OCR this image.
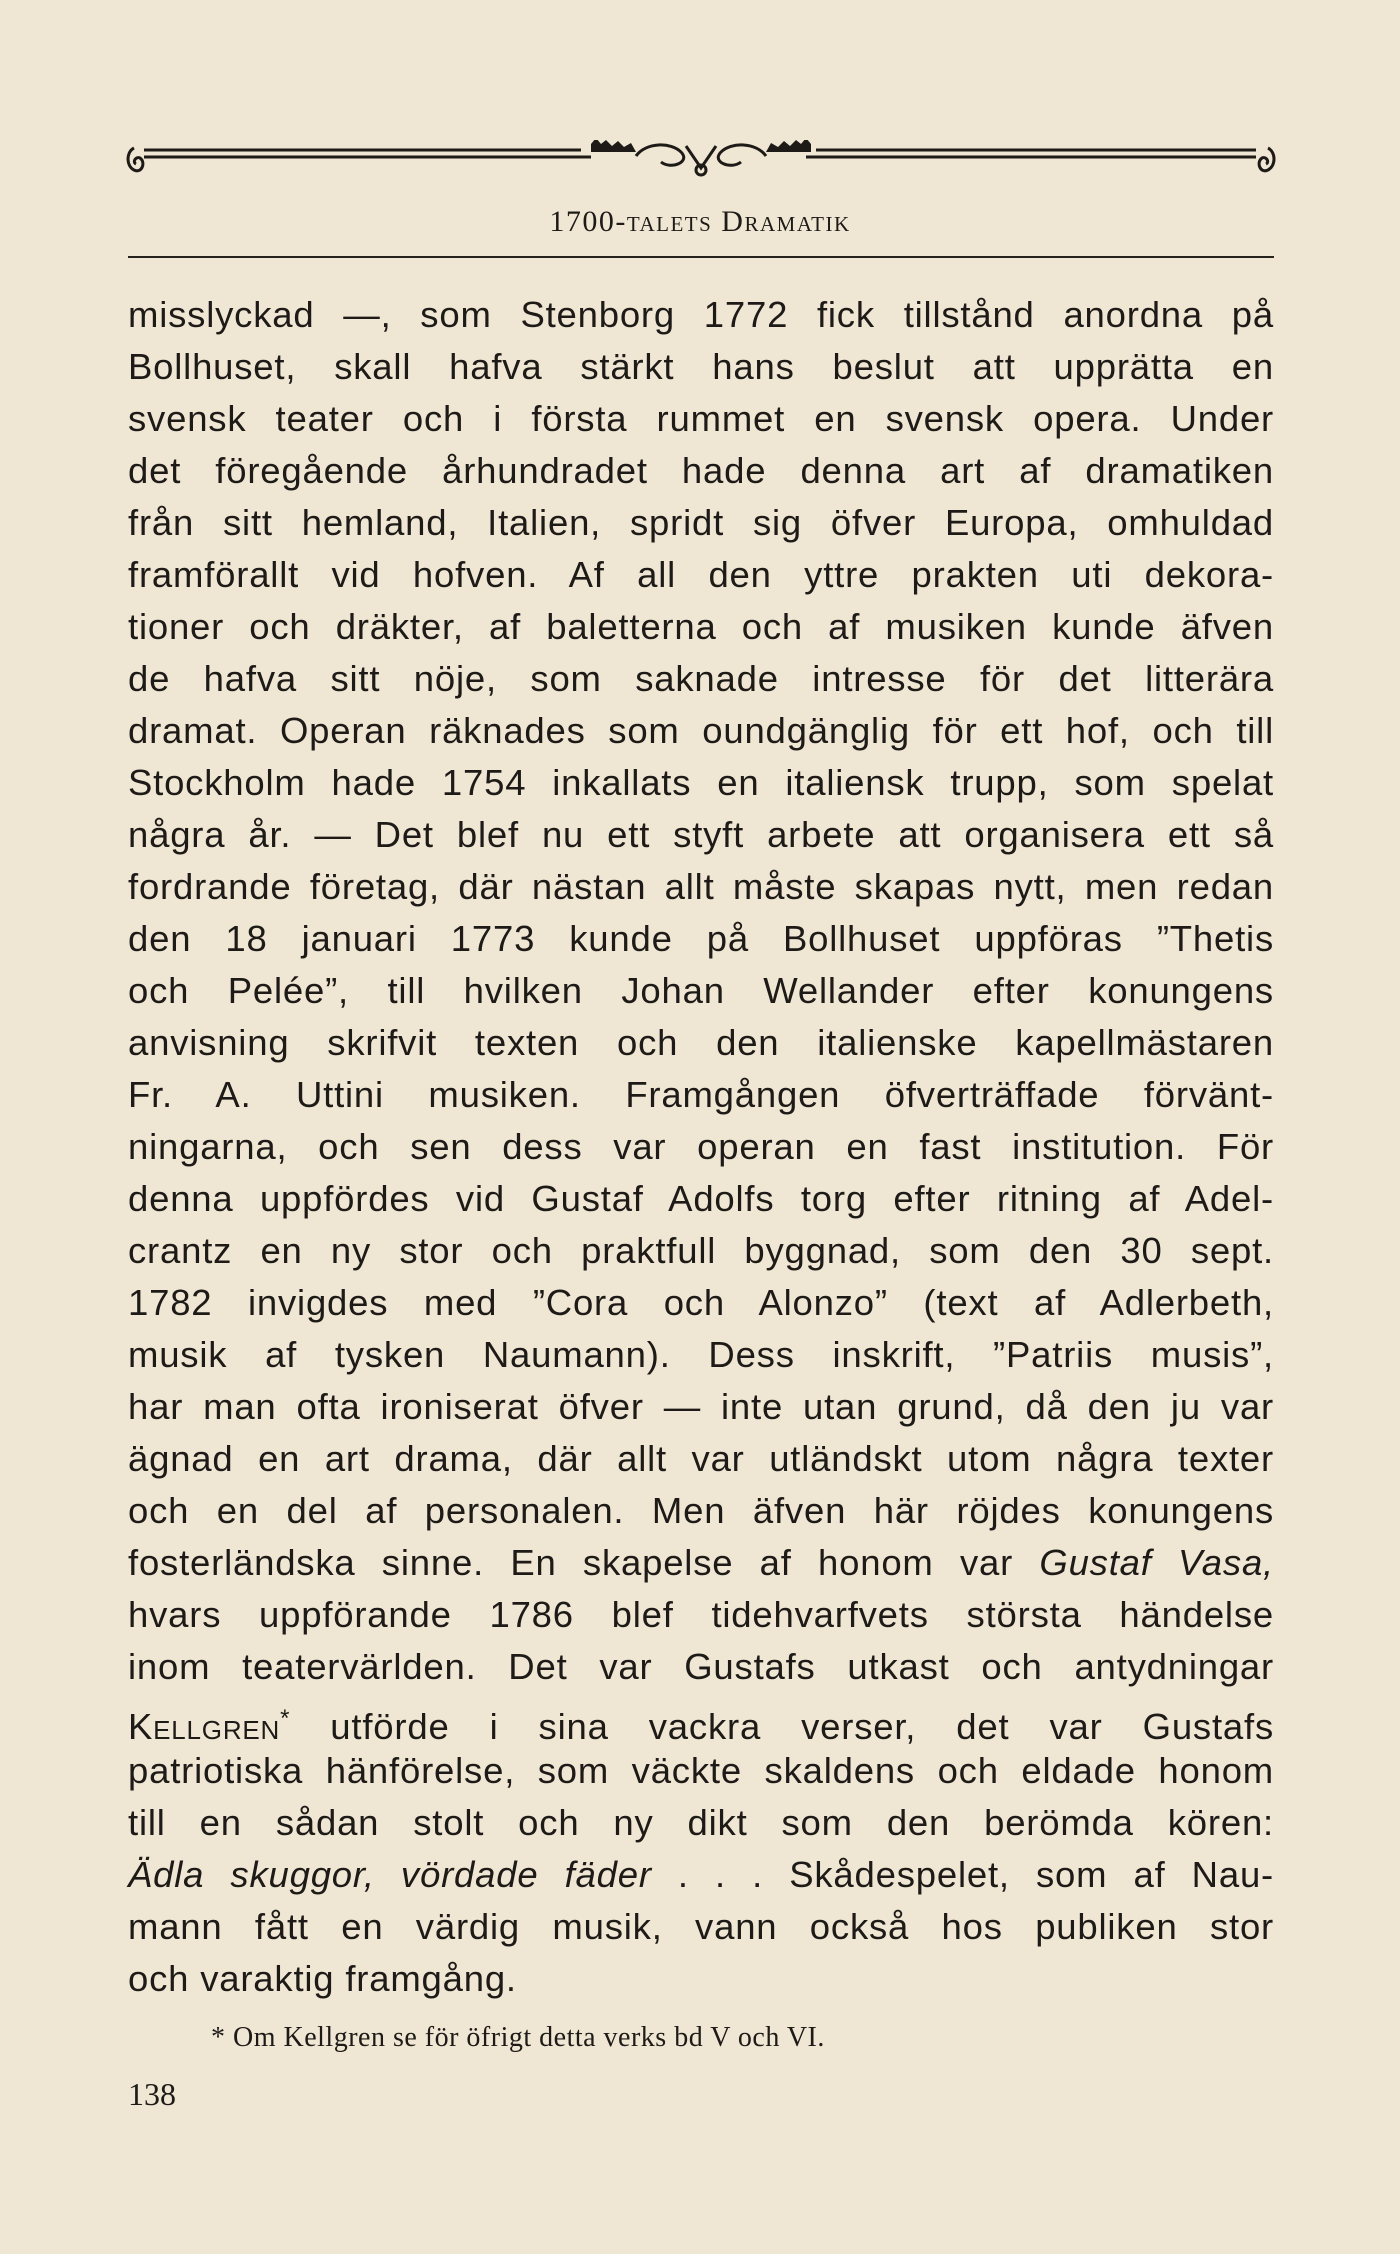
1700-talets Dramatik
misslyckad —, som Stenborg 1772 fick tillstånd anordna på
Bollhuset, skall hafva stärkt hans beslut att upprätta en
svensk teater och i första rummet en svensk opera. Under
det föregående århundradet hade denna art af dramatiken
från sitt hemland, Italien, spridt sig öfver Europa, omhuldad
framförallt vid hofven. Af all den yttre prakten uti dekora-
tioner och dräkter, af baletterna och af musiken kunde äfven
de hafva sitt nöje, som saknade intresse för det litterära
dramat. Operan räknades som oundgänglig för ett hof, och till
Stockholm hade 1754 inkallats en italiensk trupp, som spelat
några år. — Det blef nu ett styft arbete att organisera ett så
fordrande företag, där nästan allt måste skapas nytt, men redan
den 18 januari 1773 kunde på Bollhuset uppföras ”Thetis
och Pelée”, till hvilken Johan Wellander efter konungens
anvisning skrifvit texten och den italienske kapellmästaren
Fr. A. Uttini musiken. Framgången öfverträffade förvänt-
ningarna, och sen dess var operan en fast institution. För
denna uppfördes vid Gustaf Adolfs torg efter ritning af Adel-
crantz en ny stor och praktfull byggnad, som den 30 sept.
1782 invigdes med ”Cora och Alonzo” (text af Adlerbeth,
musik af tysken Naumann). Dess inskrift, ”Patriis musis”,
har man ofta ironiserat öfver — inte utan grund, då den ju var
ägnad en art drama, där allt var utländskt utom några texter
och en del af personalen. Men äfven här röjdes konungens
fosterländska sinne. En skapelse af honom var Gustaf Vasa,
hvars uppförande 1786 blef tidehvarfvets största händelse
inom teatervärlden. Det var Gustafs utkast och antydningar
Kellgren* utförde i sina vackra verser, det var Gustafs
patriotiska hänförelse, som väckte skaldens och eldade honom
till en sådan stolt och ny dikt som den berömda kören:
Ädla skuggor, vördade fäder . . . Skådespelet, som af Nau-
mann fått en värdig musik, vann också hos publiken stor
och varaktig framgång.
* Om Kellgren se för öfrigt detta verks bd V och VI.
138
